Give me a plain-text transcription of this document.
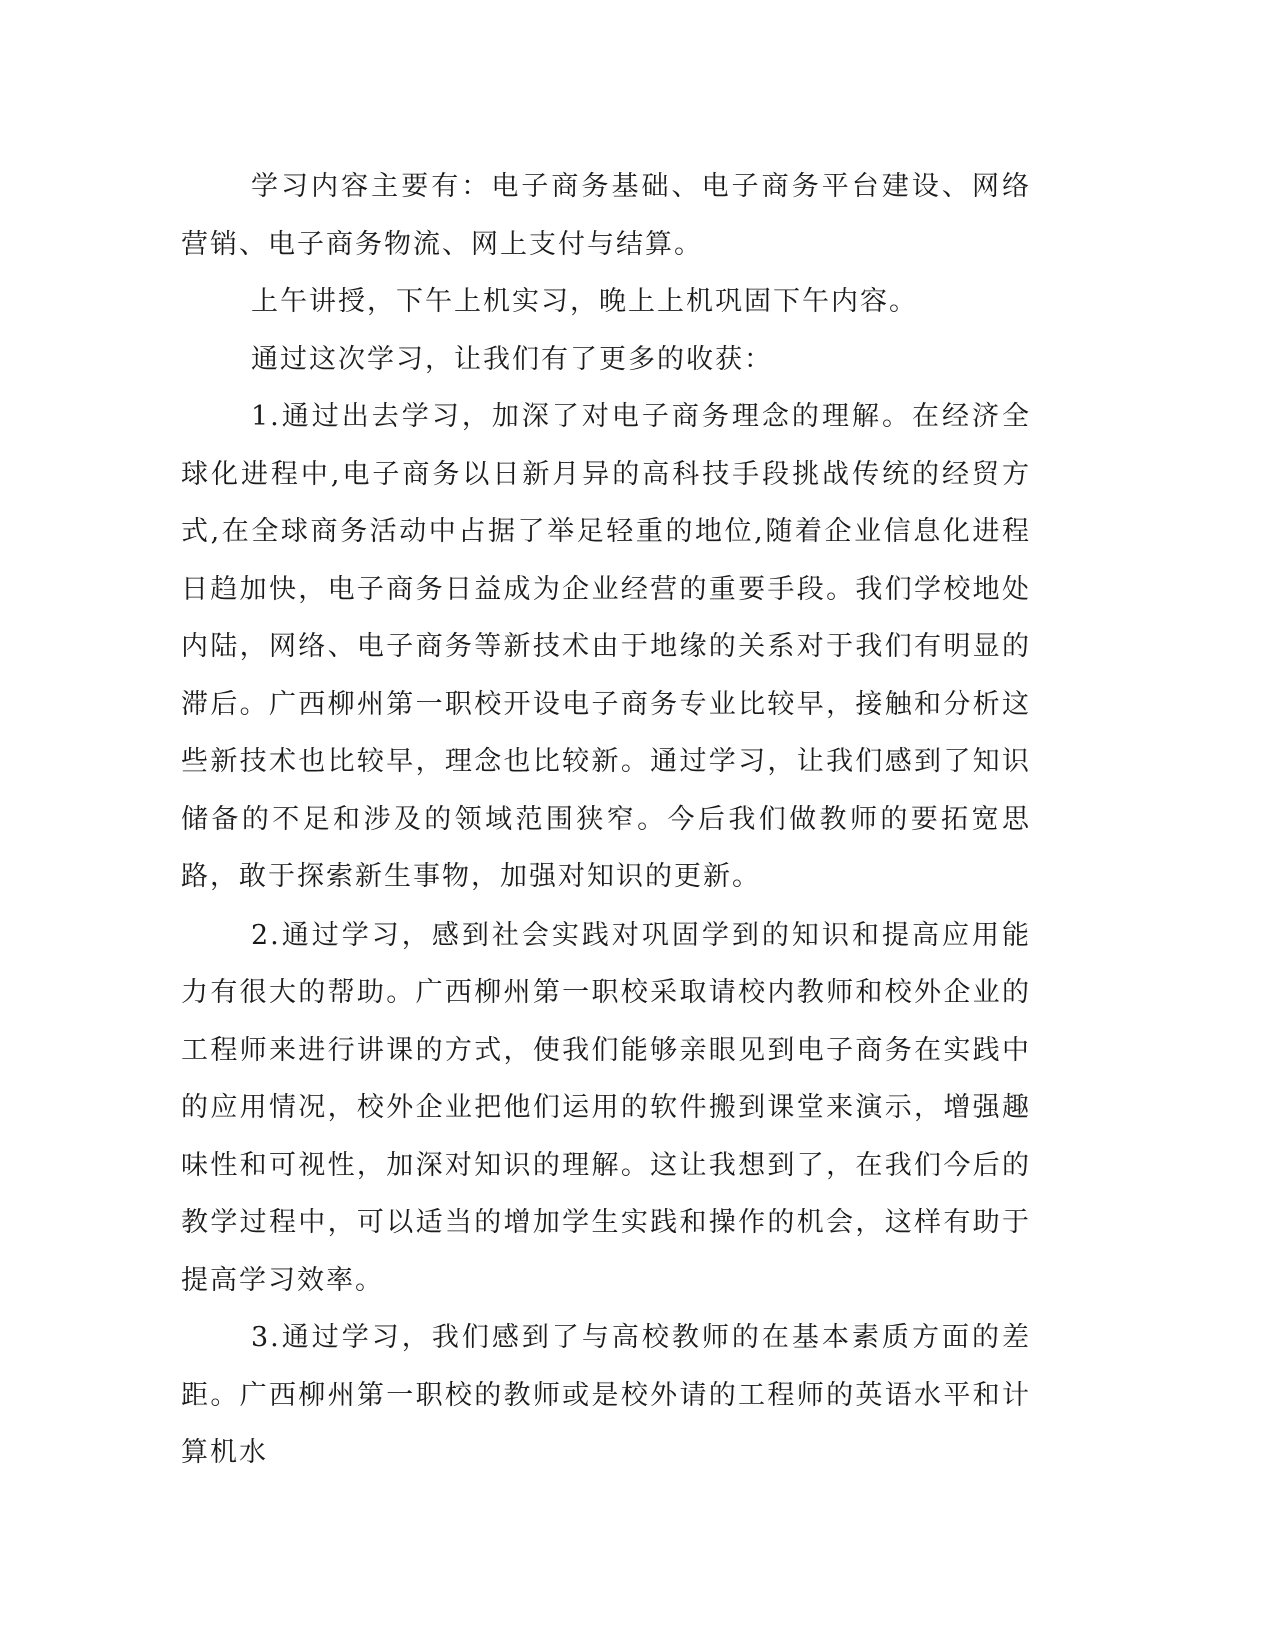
学习内容主要有：电子商务基础、电子商务平台建设、网络营销、电子商务物流、网上支付与结算。

上午讲授，下午上机实习，晚上上机巩固下午内容。

通过这次学习，让我们有了更多的收获：

1.通过出去学习，加深了对电子商务理念的理解。在经济全球化进程中,电子商务以日新月异的高科技手段挑战传统的经贸方式,在全球商务活动中占据了举足轻重的地位,随着企业信息化进程日趋加快，电子商务日益成为企业经营的重要手段。我们学校地处内陆，网络、电子商务等新技术由于地缘的关系对于我们有明显的滞后。广西柳州第一职校开设电子商务专业比较早，接触和分析这些新技术也比较早，理念也比较新。通过学习，让我们感到了知识储备的不足和涉及的领域范围狭窄。今后我们做教师的要拓宽思路，敢于探索新生事物，加强对知识的更新。

2.通过学习，感到社会实践对巩固学到的知识和提高应用能力有很大的帮助。广西柳州第一职校采取请校内教师和校外企业的工程师来进行讲课的方式，使我们能够亲眼见到电子商务在实践中的应用情况，校外企业把他们运用的软件搬到课堂来演示，增强趣味性和可视性，加深对知识的理解。这让我想到了，在我们今后的教学过程中，可以适当的增加学生实践和操作的机会，这样有助于提高学习效率。

3.通过学习，我们感到了与高校教师的在基本素质方面的差距。广西柳州第一职校的教师或是校外请的工程师的英语水平和计算机水
